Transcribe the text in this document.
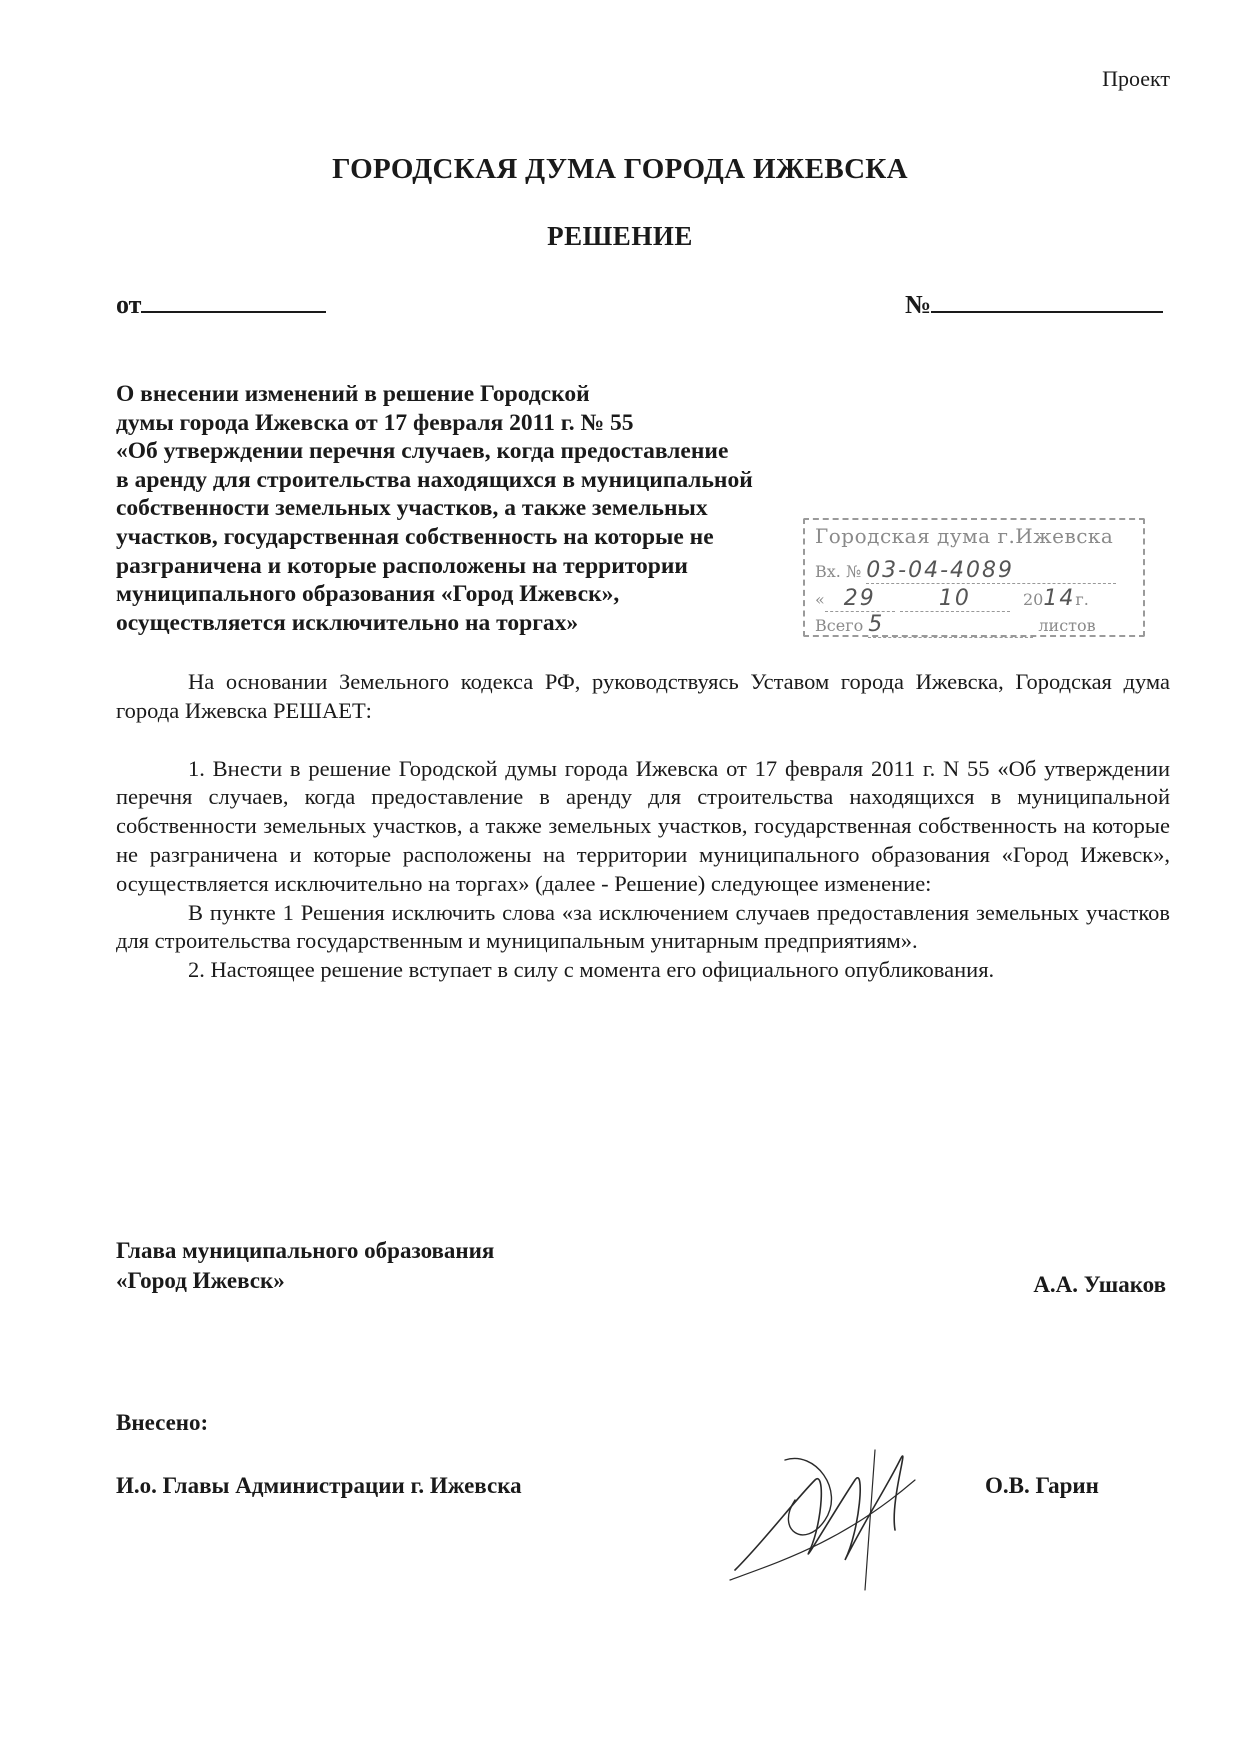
Проект
ГОРОДСКАЯ ДУМА ГОРОДА ИЖЕВСКА
РЕШЕНИЕ
от	№
О внесении изменений в решение Городской
думы города Ижевска от 17 февраля 2011 г. № 55
«Об утверждении перечня случаев, когда предоставление
в аренду для строительства находящихся в муниципальной
собственности земельных участков, а также земельных
участков, государственная собственность на которые не
разграничена и которые расположены на территории
муниципального образования «Город Ижевск»,
осуществляется исключительно на торгах»
Городская дума г.Ижевска
Вх. № 03-04-4089
« 29	10	2014г.
Всего 5	листов

На основании Земельного кодекса РФ, руководствуясь Уставом города Ижевска, Городская дума города Ижевска РЕШАЕТ:

1. Внести в решение Городской думы города Ижевска от 17 февраля 2011 г. N 55 «Об утверждении перечня случаев, когда предоставление в аренду для строительства находящихся в муниципальной собственности земельных участков, а также земельных участков, государственная собственность на которые не разграничена и которые расположены на территории муниципального образования «Город Ижевск», осуществляется исключительно на торгах» (далее - Решение) следующее изменение:

В пункте 1 Решения исключить слова «за исключением случаев предоставления земельных участков для строительства государственным и муниципальным унитарным предприятиям».

2. Настоящее решение вступает в силу с момента его официального опубликования.

Глава муниципального образования
«Город Ижевск»	А.А. Ушаков
Внесено:
И.о. Главы Администрации г. Ижевска	О.В. Гарин
